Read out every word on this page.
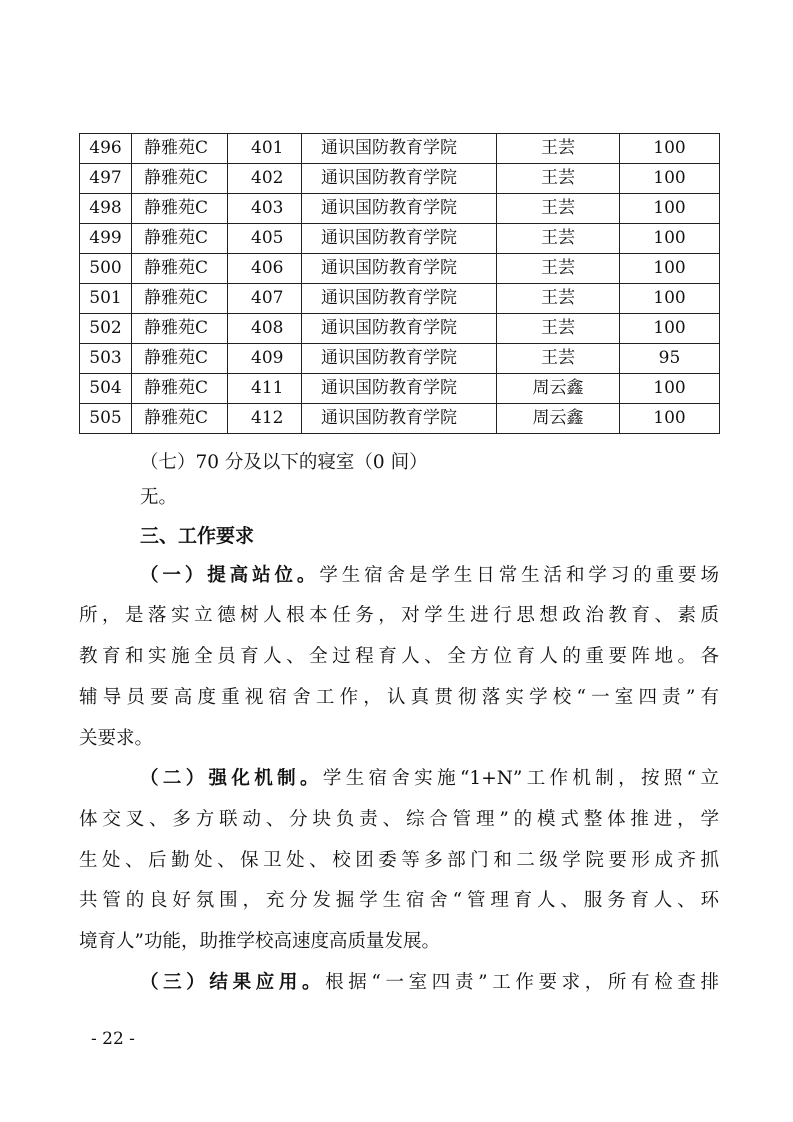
496	静雅苑C	401	通识国防教育学院	王芸	100
497	静雅苑C	402	通识国防教育学院	王芸	100
498	静雅苑C	403	通识国防教育学院	王芸	100
499	静雅苑C	405	通识国防教育学院	王芸	100
500	静雅苑C	406	通识国防教育学院	王芸	100
501	静雅苑C	407	通识国防教育学院	王芸	100
502	静雅苑C	408	通识国防教育学院	王芸	100
503	静雅苑C	409	通识国防教育学院	王芸	95
504	静雅苑C	411	通识国防教育学院	周云鑫	100
505	静雅苑C	412	通识国防教育学院	周云鑫	100

（七）70 分及以下的寝室（0 间）

无。

三、工作要求

（一）提高站位。学生宿舍是学生日常生活和学习的重要场
所，是落实立德树人根本任务，对学生进行思想政治教育、素质
教育和实施全员育人、全过程育人、全方位育人的重要阵地。各
辅导员要高度重视宿舍工作，认真贯彻落实学校“一室四责”有
关要求。
（二）强化机制。学生宿舍实施“1+N”工作机制，按照“立
体交叉、多方联动、分块负责、综合管理”的模式整体推进，学
生处、后勤处、保卫处、校团委等多部门和二级学院要形成齐抓
共管的良好氛围，充分发掘学生宿舍“管理育人、服务育人、环
境育人”功能，助推学校高速度高质量发展。
（三）结果应用。根据“一室四责”工作要求，所有检查排

- 22 -
